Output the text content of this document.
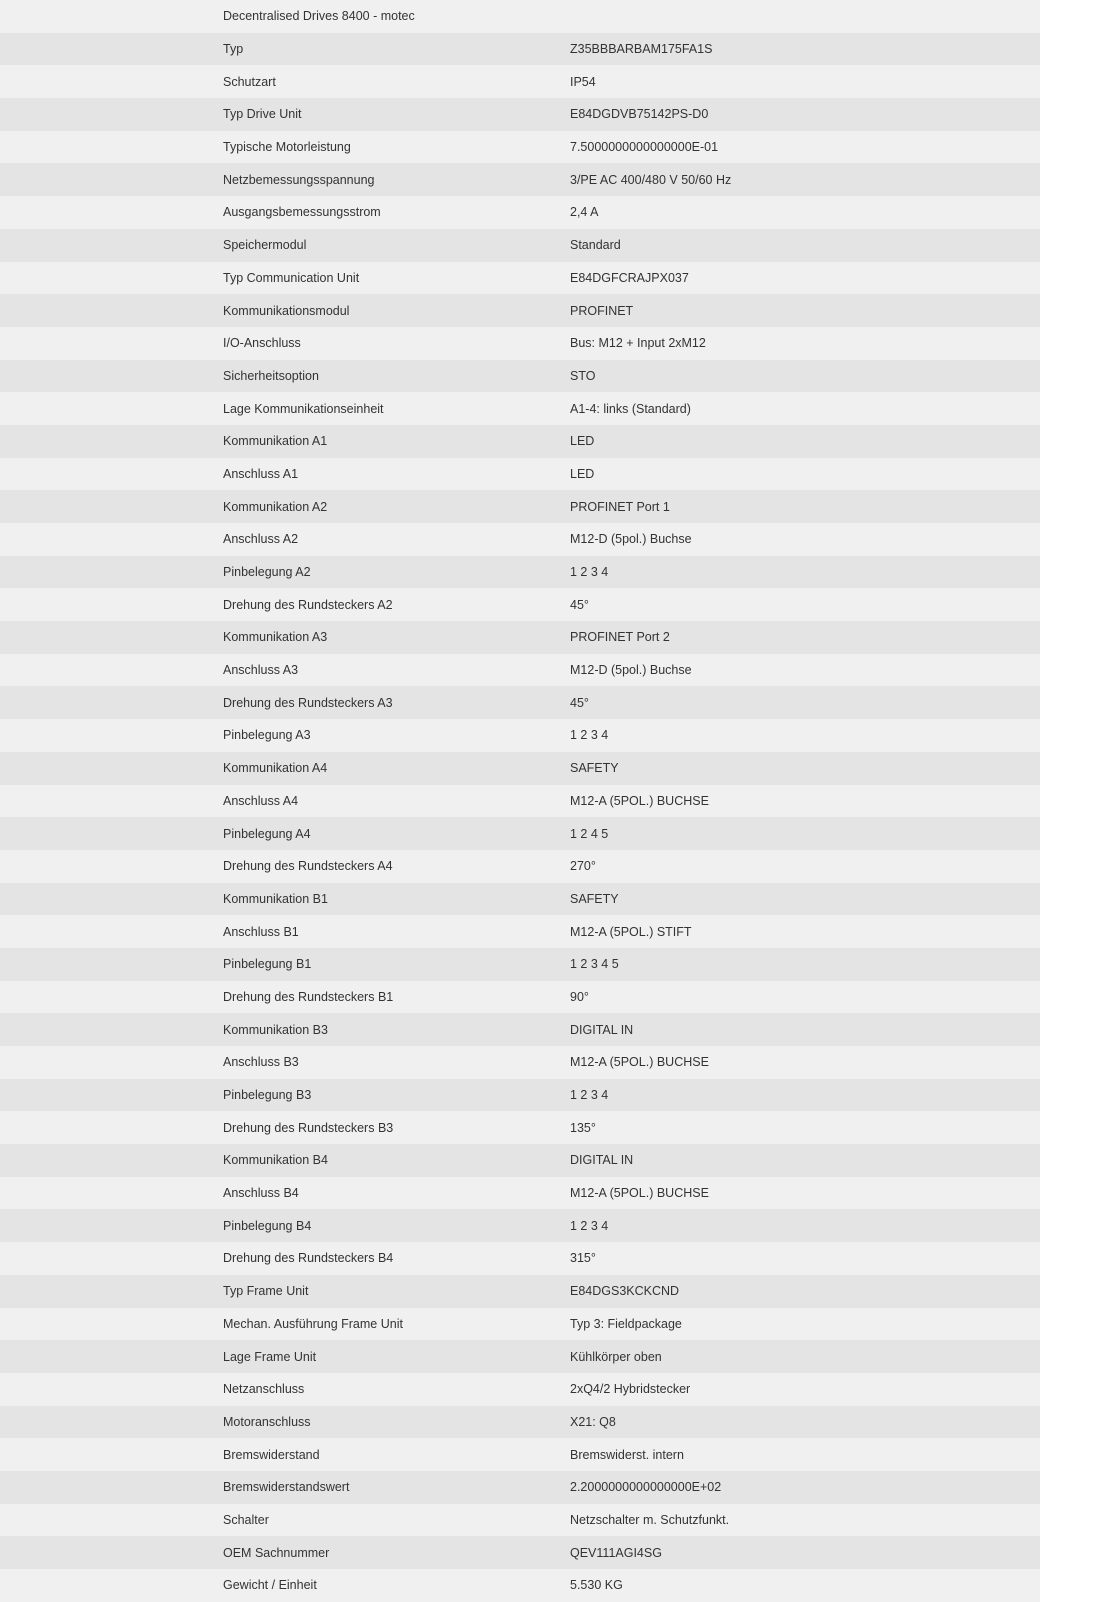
Decentralised Drives 8400 - motec	
Typ	Z35BBBARBAM175FA1S
Schutzart	IP54
Typ Drive Unit	E84DGDVB75142PS-D0
Typische Motorleistung	7.5000000000000000E-01
Netzbemessungsspannung	3/PE AC 400/480 V 50/60 Hz
Ausgangsbemessungsstrom	2,4 A
Speichermodul	Standard
Typ Communication Unit	E84DGFCRAJPX037
Kommunikationsmodul	PROFINET
I/O-Anschluss	Bus: M12 + Input 2xM12
Sicherheitsoption	STO
Lage Kommunikationseinheit	A1-4: links (Standard)
Kommunikation A1	LED
Anschluss A1	LED
Kommunikation A2	PROFINET Port 1
Anschluss A2	M12-D (5pol.) Buchse
Pinbelegung A2	1 2 3 4
Drehung des Rundsteckers A2	45°
Kommunikation A3	PROFINET Port 2
Anschluss A3	M12-D (5pol.) Buchse
Drehung des Rundsteckers A3	45°
Pinbelegung A3	1 2 3 4
Kommunikation A4	SAFETY
Anschluss A4	M12-A (5POL.) BUCHSE
Pinbelegung A4	1 2 4 5
Drehung des Rundsteckers A4	270°
Kommunikation B1	SAFETY
Anschluss B1	M12-A (5POL.) STIFT
Pinbelegung B1	1 2 3 4 5
Drehung des Rundsteckers B1	90°
Kommunikation B3	DIGITAL IN
Anschluss B3	M12-A (5POL.) BUCHSE
Pinbelegung B3	1 2 3 4
Drehung des Rundsteckers B3	135°
Kommunikation B4	DIGITAL IN
Anschluss B4	M12-A (5POL.) BUCHSE
Pinbelegung B4	1 2 3 4
Drehung des Rundsteckers B4	315°
Typ Frame Unit	E84DGS3KCKCND
Mechan. Ausführung Frame Unit	Typ 3: Fieldpackage
Lage Frame Unit	Kühlkörper oben
Netzanschluss	2xQ4/2 Hybridstecker
Motoranschluss	X21: Q8
Bremswiderstand	Bremswiderst. intern
Bremswiderstandswert	2.2000000000000000E+02
Schalter	Netzschalter m. Schutzfunkt.
OEM Sachnummer	QEV111AGI4SG
Gewicht / Einheit	5.530 KG
